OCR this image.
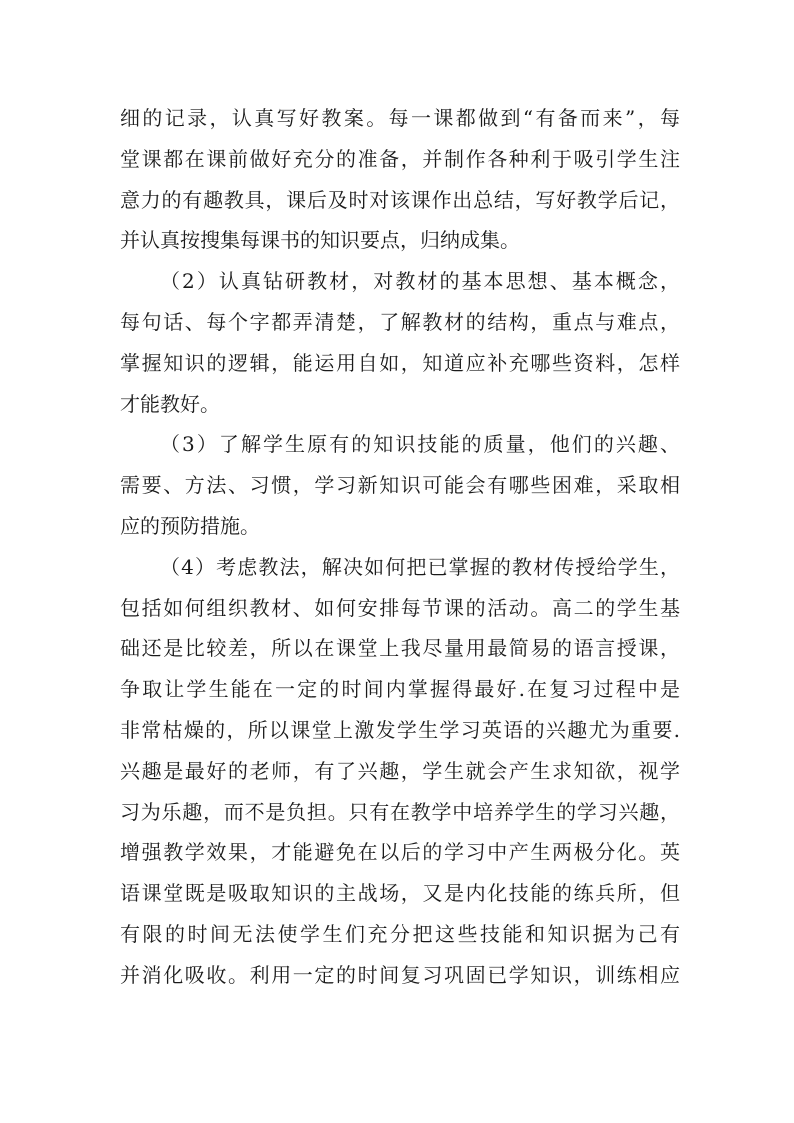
细的记录，认真写好教案。每一课都做到“有备而来”，每
堂课都在课前做好充分的准备，并制作各种利于吸引学生注
意力的有趣教具，课后及时对该课作出总结，写好教学后记，
并认真按搜集每课书的知识要点，归纳成集。
（2）认真钻研教材，对教材的基本思想、基本概念，
每句话、每个字都弄清楚，了解教材的结构，重点与难点，
掌握知识的逻辑，能运用自如，知道应补充哪些资料，怎样
才能教好。
（3）了解学生原有的知识技能的质量，他们的兴趣、
需要、方法、习惯，学习新知识可能会有哪些困难，采取相
应的预防措施。
（4）考虑教法，解决如何把已掌握的教材传授给学生，
包括如何组织教材、如何安排每节课的活动。高二的学生基
础还是比较差，所以在课堂上我尽量用最简易的语言授课，
争取让学生能在一定的时间内掌握得最好.在复习过程中是
非常枯燥的，所以课堂上激发学生学习英语的兴趣尤为重要.
兴趣是最好的老师，有了兴趣，学生就会产生求知欲，视学
习为乐趣，而不是负担。只有在教学中培养学生的学习兴趣，
增强教学效果，才能避免在以后的学习中产生两极分化。英
语课堂既是吸取知识的主战场，又是内化技能的练兵所，但
有限的时间无法使学生们充分把这些技能和知识据为己有
并消化吸收。利用一定的时间复习巩固已学知识，训练相应
